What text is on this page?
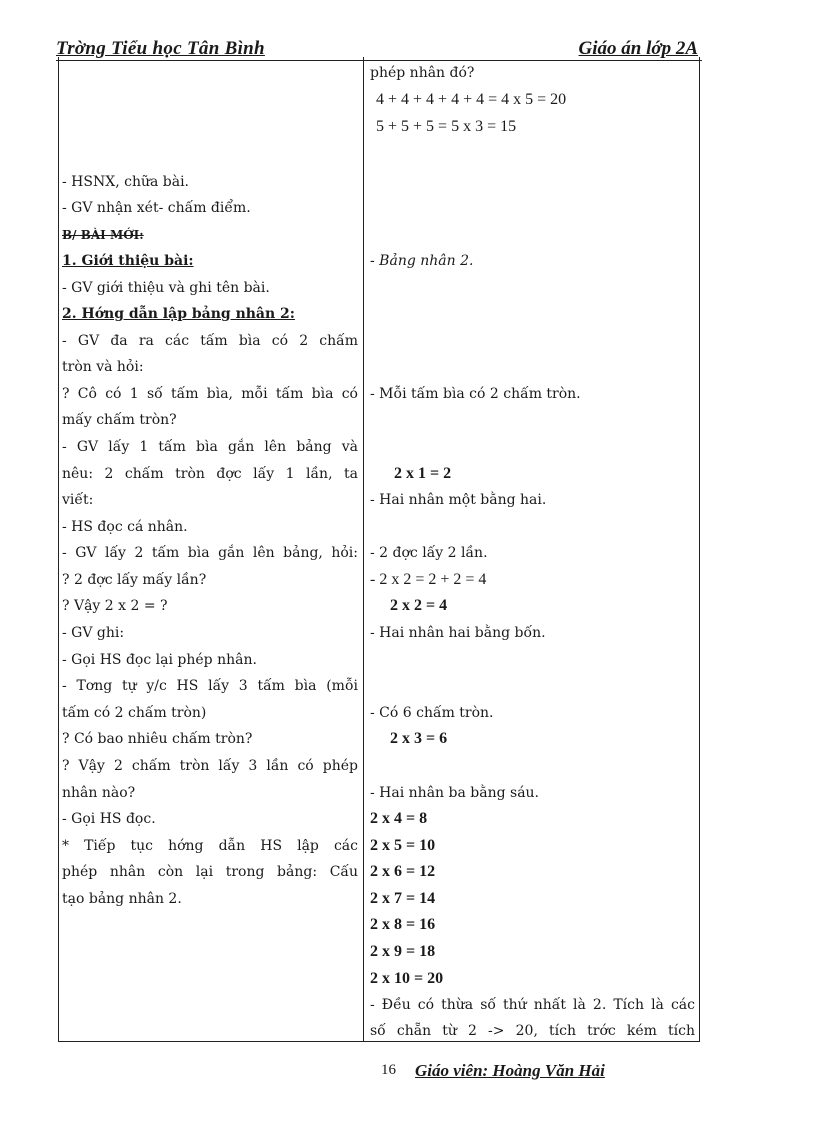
Trờng Tiểu học Tân Bình	Giáo án lớp 2A
- HSNX, chữa bài.
- GV nhận xét- chấm điểm.
B/ BÀI MỚI:
1. Giới thiệu bài:
- GV giới thiệu và ghi tên bài.
2. Hớng dẫn lập bảng nhân 2:
- GV đa ra các tấm bìa có 2 chấm
tròn và hỏi:
? Cô có 1 số tấm bìa, mỗi tấm bìa có
mấy chấm tròn?
- GV lấy 1 tấm bìa gắn lên bảng và
nêu: 2 chấm tròn đợc lấy 1 lần, ta
viết:
- HS đọc cá nhân.
- GV lấy 2 tấm bìa gắn lên bảng, hỏi:
? 2 đợc lấy mấy lần?
? Vậy 2 x 2 = ?
- GV ghi:
- Gọi HS đọc lại phép nhân.
- Tơng tự y/c HS lấy 3 tấm bìa (mỗi
tấm có 2 chấm tròn)
? Có bao nhiêu chấm tròn?
? Vậy 2 chấm tròn lấy 3 lần có phép
nhân nào?
- Gọi HS đọc.
* Tiếp tục hớng dẫn HS lập các
phép nhân còn lại trong bảng: Cấu
tạo bảng nhân 2.
phép nhân đó?
4 + 4 + 4 + 4 + 4 = 4 x 5 = 20
5 + 5 + 5 = 5 x 3 = 15
- Bảng nhân 2.
- Mỗi tấm bìa có 2 chấm tròn.
2 x 1 = 2
- Hai nhân một bằng hai.
- 2 đợc lấy 2 lần.
- 2 x 2 = 2 + 2 = 4
2 x 2 = 4
- Hai nhân hai bằng bốn.
- Có 6 chấm tròn.
2 x 3 = 6
- Hai nhân ba bằng sáu.
2 x 4 = 8
2 x 5 = 10
2 x 6 = 12
2 x 7 = 14
2 x 8 = 16
2 x 9 = 18
2 x 10 = 20
- Đều có thừa số thứ nhất là 2. Tích là các
số chẵn từ 2 -> 20, tích trớc kém tích
16 Giáo viên: Hoàng Văn Hải
